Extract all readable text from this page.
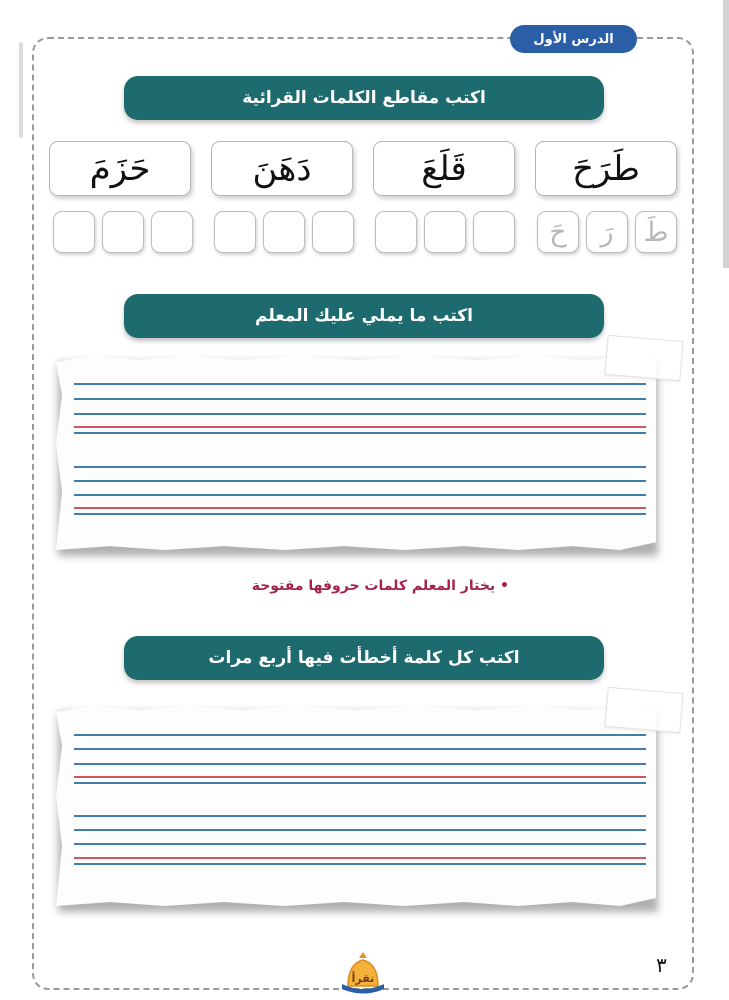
الدرس الأول
اكتب مقاطع الكلمات القرائية
طَرَحَ
قَلَعَ
دَهَنَ
حَزَمَ
طَ
رَ
حَ
اكتب ما يملي عليك المعلم
• يختار المعلم كلمات حروفها مفتوحة
اكتب كل كلمة أخطأت فيها أربع مرات
تقرأ
٣
